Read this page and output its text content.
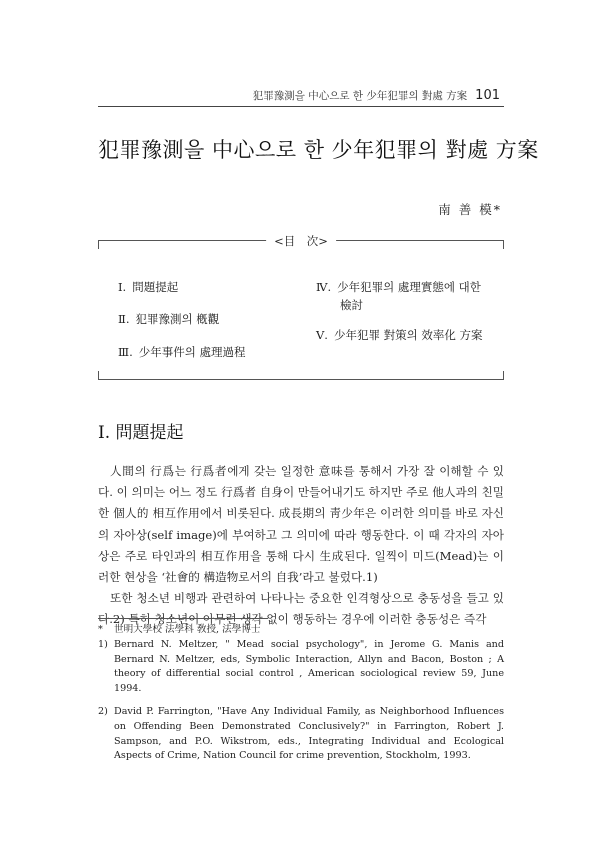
犯罪豫測을 中心으로 한 少年犯罪의 對處 方案 101
犯罪豫測을 中心으로 한 少年犯罪의 對處 方案
南 善 模*
<目　次>
Ⅰ. 問題提起
Ⅱ. 犯罪豫測의 槪觀
Ⅲ. 少年事件의 處理過程
Ⅳ. 少年犯罪의 處理實態에 대한
檢討
Ⅴ. 少年犯罪 對策의 效率化 方案
Ⅰ. 問題提起

人間의 行爲는 行爲者에게 갖는 일정한 意味를 통해서 가장 잘 이해할 수 있다. 이 의미는 어느 정도 行爲者 自身이 만들어내기도 하지만 주로 他人과의 친밀한 個人的 相互作用에서 비롯된다. 成長期의 靑少年은 이러한 의미를 바로 자신의 자아상(self image)에 부여하고 그 의미에 따라 행동한다. 이 때 각자의 자아상은 주로 타인과의 相互作用을 통해 다시 生成된다. 일찍이 미드(Mead)는 이러한 현상을 ‘社會的 構造物로서의 自我’라고 불렀다.1)

또한 청소년 비행과 관련하여 나타나는 중요한 인격형상으로 충동성을 들고 있다.2) 특히 청소년이 아무런 생각 없이 행동하는 경우에 이러한 충동성은 즉각

*	世明大學校 法學科 敎授, 法學博士
1) Bernard N. Meltzer, " Mead social psychology", in Jerome G. Manis and Bernard N. Meltzer, eds, Symbolic Interaction, Allyn and Bacon, Boston ; A theory of differential social control , American sociological review 59, June 1994.
2) David P. Farrington, "Have Any Individual Family, as Neighborhood Influences on Offending Been Demonstrated Conclusively?" in Farrington, Robert J. Sampson, and P.O. Wikstrom, eds., Integrating Individual and Ecological Aspects of Crime, Nation Council for crime prevention, Stockholm, 1993.
